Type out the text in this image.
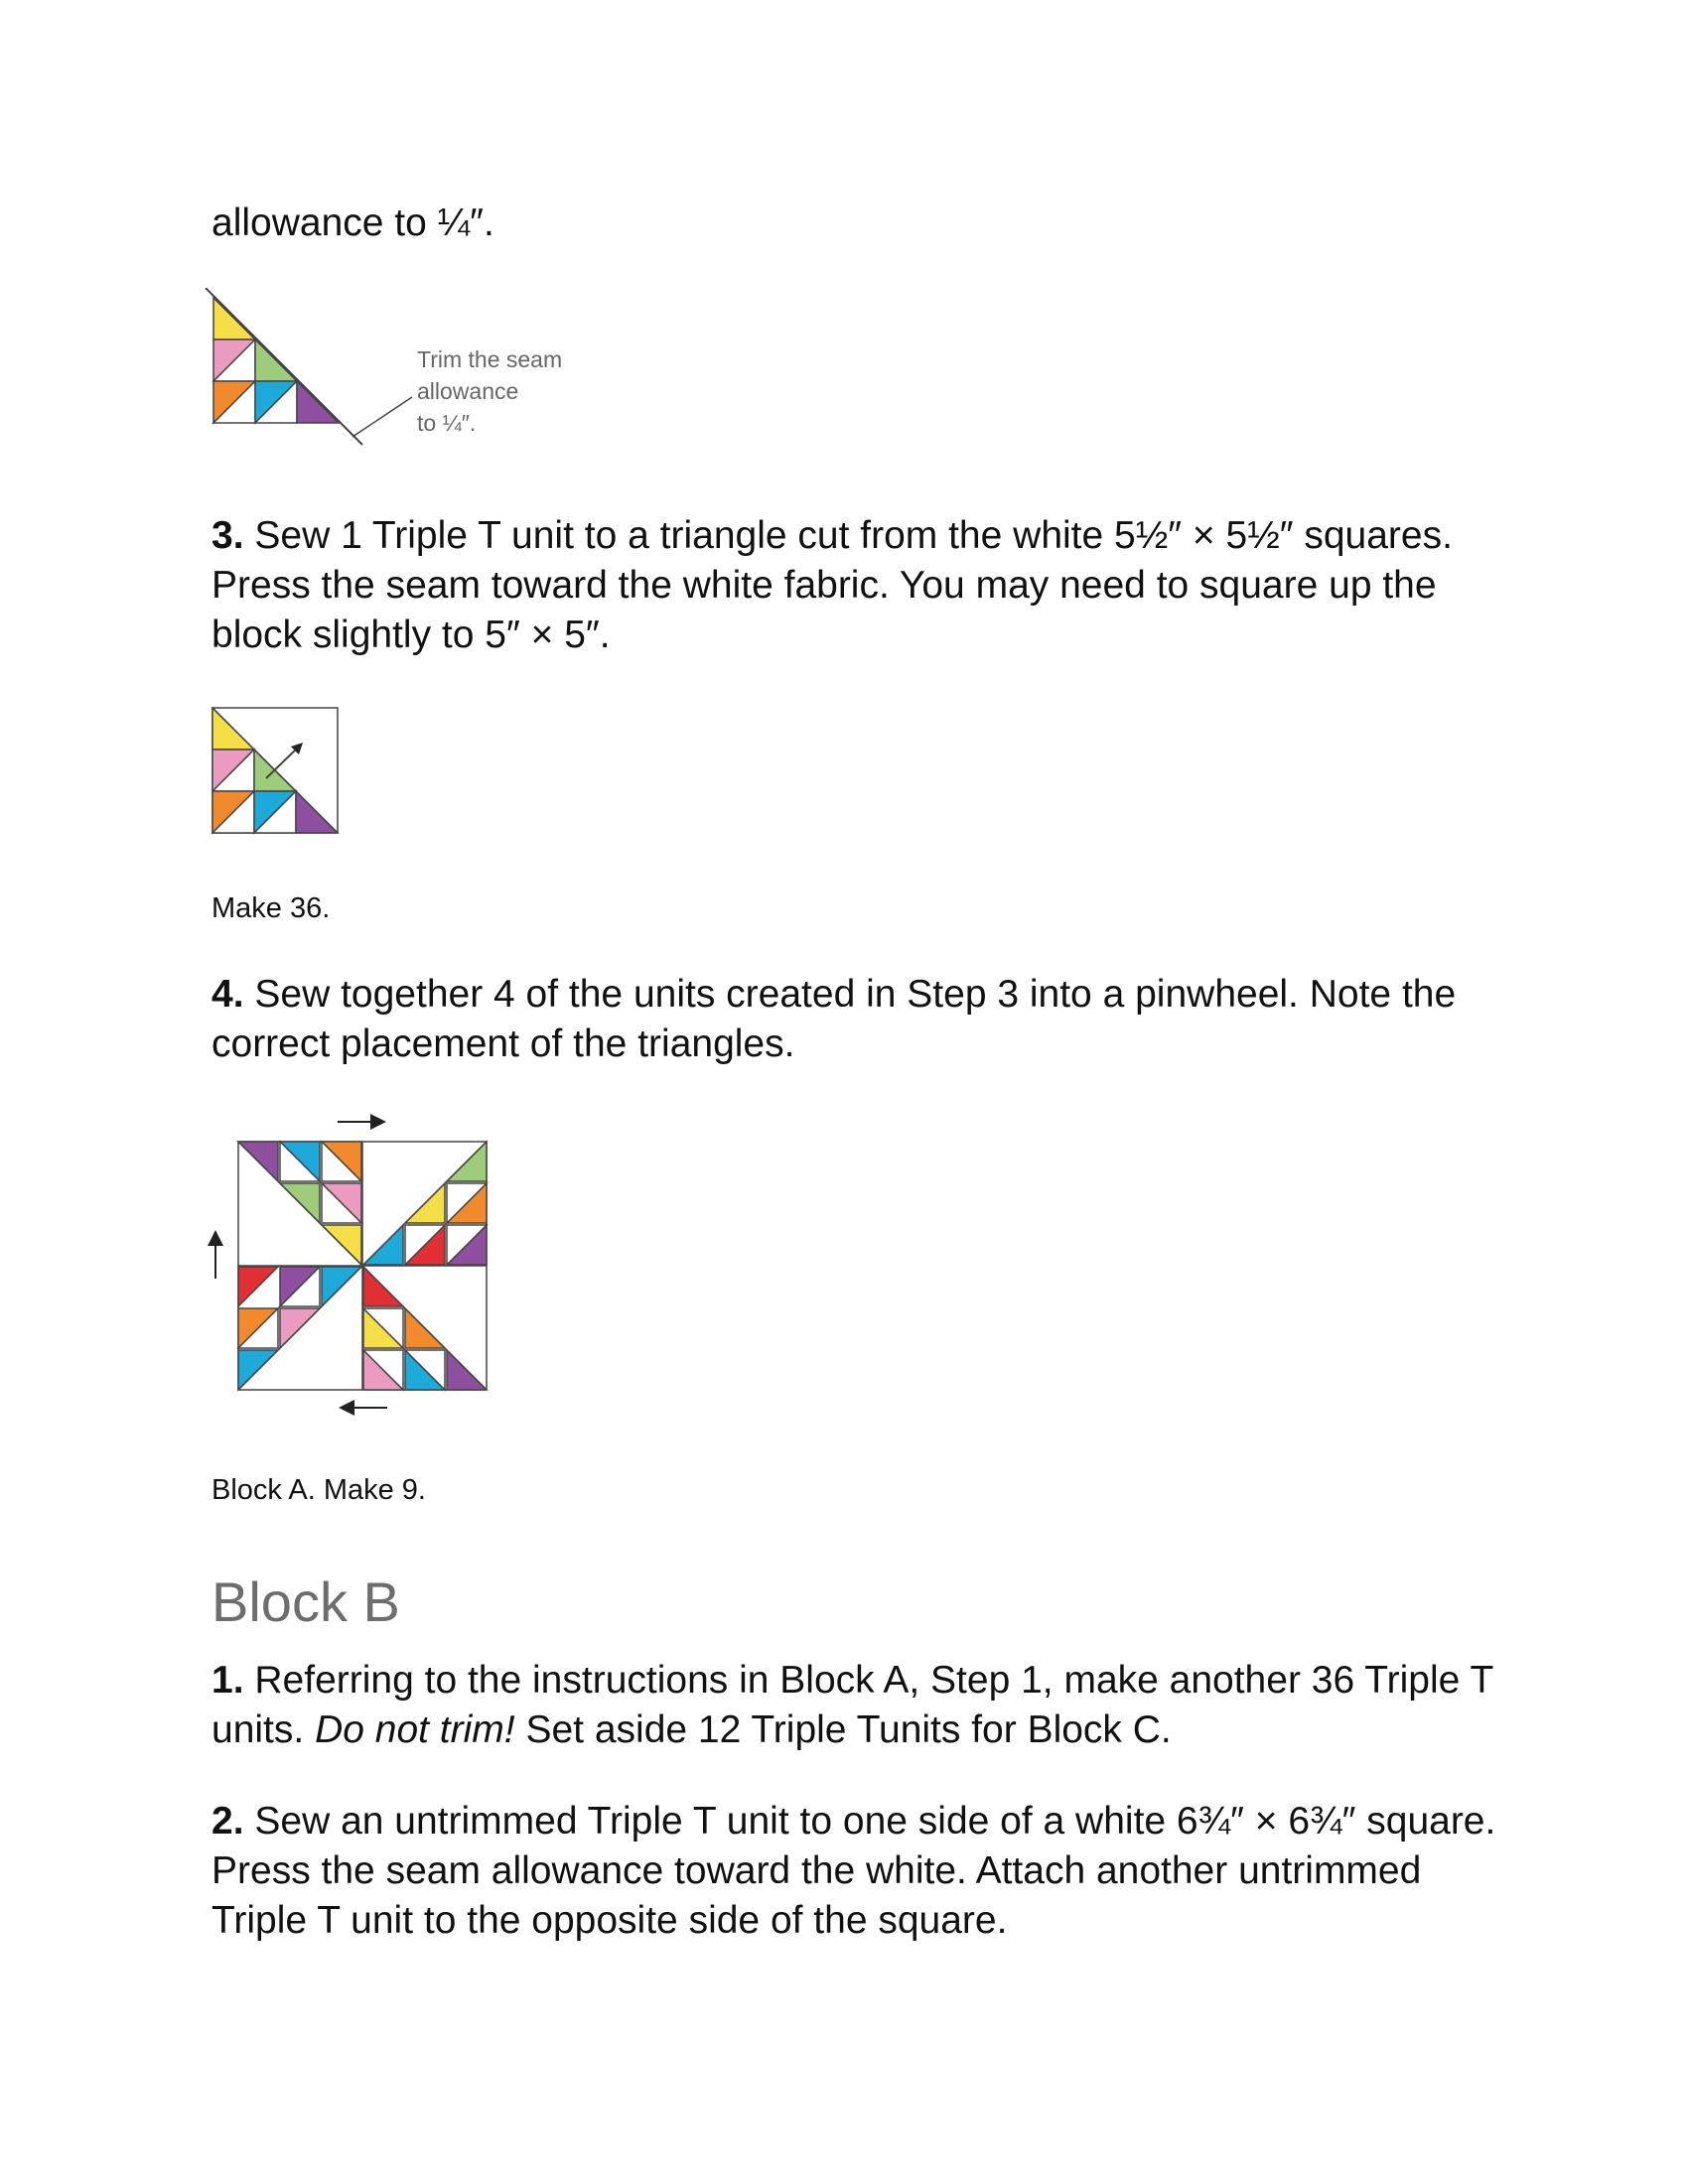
allowance to ¼″.

Trim the seam
allowance
to ¼″.

3. Sew 1 Triple T unit to a triangle cut from the white 5½″ × 5½″ squares. Press the seam toward the white fabric. You may need to square up the block slightly to 5″ × 5″.

Make 36.

4. Sew together 4 of the units created in Step 3 into a pinwheel. Note the correct placement of the triangles.

Block A. Make 9.

Block B

1. Referring to the instructions in Block A, Step 1, make another 36 Triple T units. Do not trim! Set aside 12 Triple Tunits for Block C.

2. Sew an untrimmed Triple T unit to one side of a white 6¾″ × 6¾″ square. Press the seam allowance toward the white. Attach another untrimmed Triple T unit to the opposite side of the square.
